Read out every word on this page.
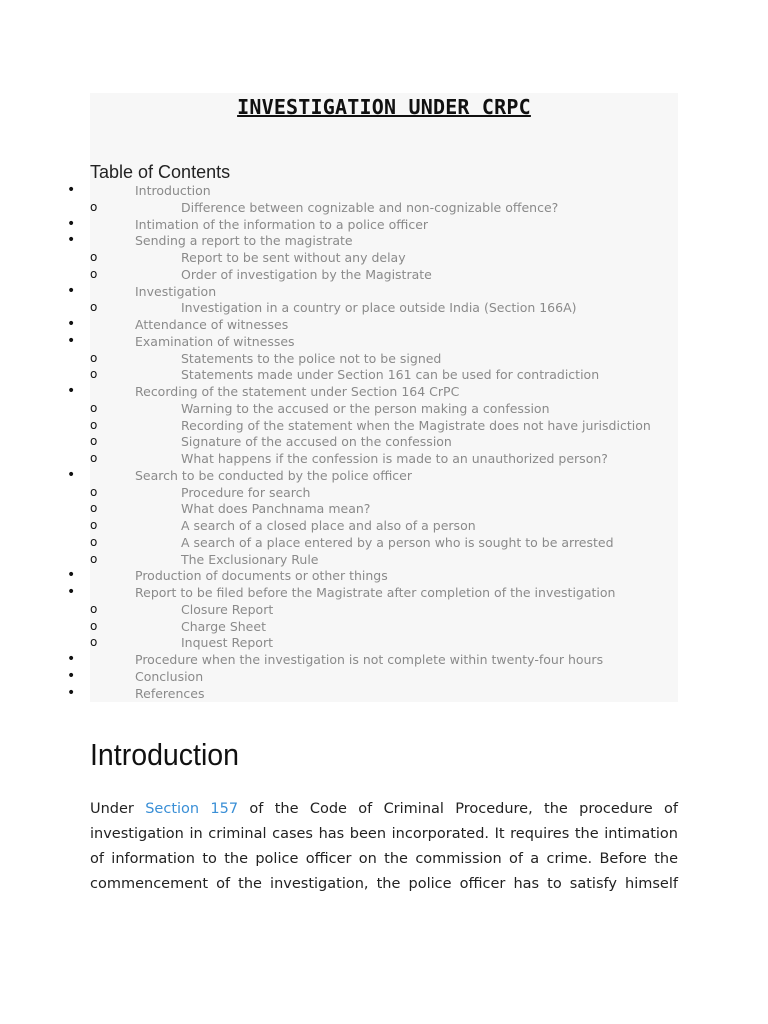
INVESTIGATION UNDER CRPC
Table of Contents
•	Introduction
o	Difference between cognizable and non-cognizable offence?
•	Intimation of the information to a police officer
•	Sending a report to the magistrate
o	Report to be sent without any delay
o	Order of investigation by the Magistrate
•	Investigation
o	Investigation in a country or place outside India (Section 166A)
•	Attendance of witnesses
•	Examination of witnesses
o	Statements to the police not to be signed
o	Statements made under Section 161 can be used for contradiction
•	Recording of the statement under Section 164 CrPC
o	Warning to the accused or the person making a confession
o	Recording of the statement when the Magistrate does not have jurisdiction
o	Signature of the accused on the confession
o	What happens if the confession is made to an unauthorized person?
•	Search to be conducted by the police officer
o	Procedure for search
o	What does Panchnama mean?
o	A search of a closed place and also of a person
o	A search of a place entered by a person who is sought to be arrested
o	The Exclusionary Rule
•	Production of documents or other things
•	Report to be filed before the Magistrate after completion of the investigation
o	Closure Report
o	Charge Sheet
o	Inquest Report
•	Procedure when the investigation is not complete within twenty-four hours
•	Conclusion
•	References
Introduction
Under Section 157 of the Code of Criminal Procedure, the procedure of
investigation in criminal cases has been incorporated. It requires the intimation
of information to the police officer on the commission of a crime. Before the
commencement of the investigation, the police officer has to satisfy himself
